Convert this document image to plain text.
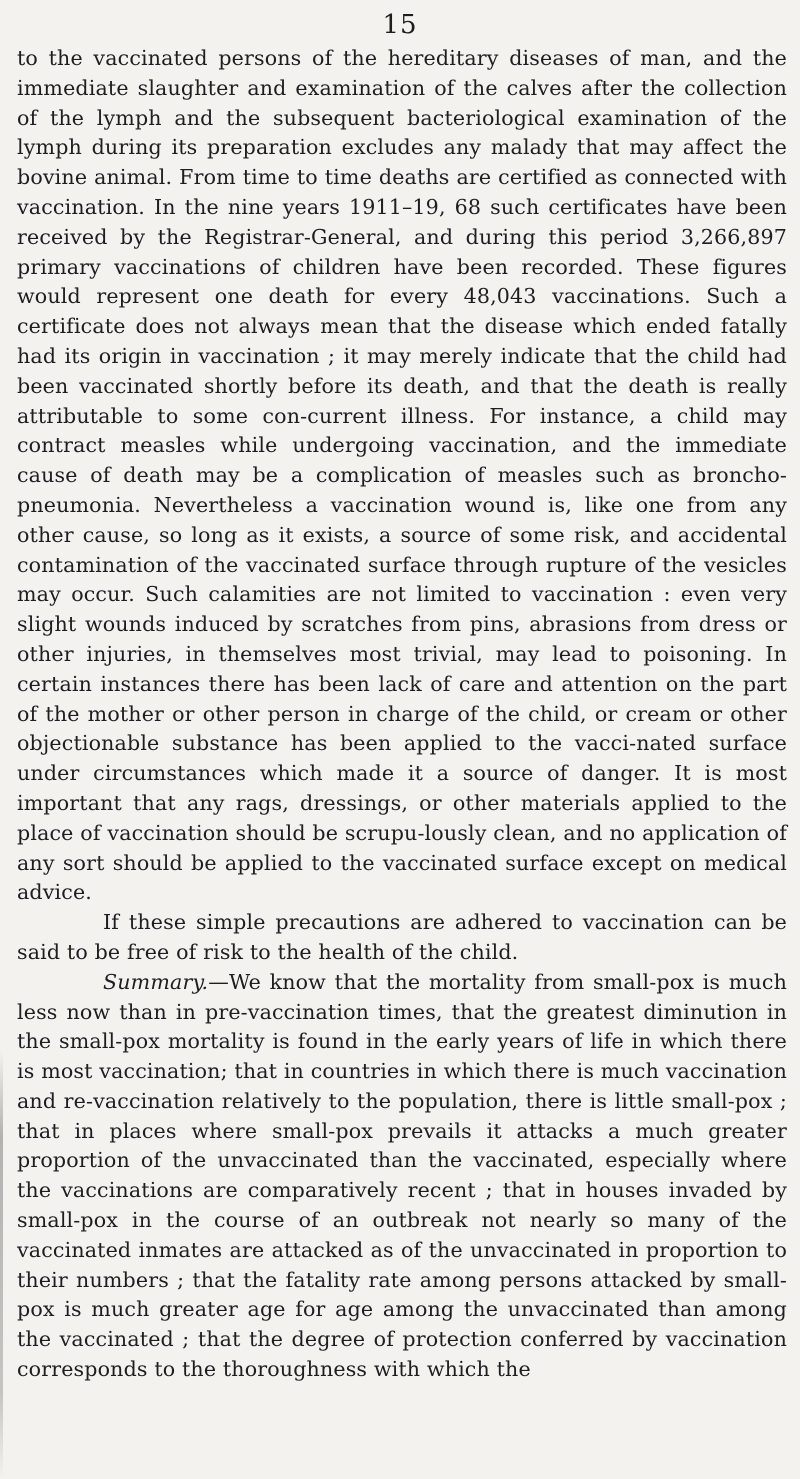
15

to the vaccinated persons of the hereditary diseases of man, and the immediate slaughter and examination of the calves after the collection of the lymph and the subsequent bacteriological examination of the lymph during its preparation excludes any malady that may affect the bovine animal. From time to time deaths are certified as connected with vaccination. In the nine years 1911–19, 68 such certificates have been received by the Registrar-General, and during this period 3,266,897 primary vaccinations of children have been recorded. These figures would represent one death for every 48,043 vaccinations. Such a certificate does not always mean that the disease which ended fatally had its origin in vaccination ; it may merely indicate that the child had been vaccinated shortly before its death, and that the death is really attributable to some con-current illness. For instance, a child may contract measles while undergoing vaccination, and the immediate cause of death may be a complication of measles such as broncho-pneumonia. Nevertheless a vaccination wound is, like one from any other cause, so long as it exists, a source of some risk, and accidental contamination of the vaccinated surface through rupture of the vesicles may occur. Such calamities are not limited to vaccination : even very slight wounds induced by scratches from pins, abrasions from dress or other injuries, in themselves most trivial, may lead to poisoning. In certain instances there has been lack of care and attention on the part of the mother or other person in charge of the child, or cream or other objectionable substance has been applied to the vacci-nated surface under circumstances which made it a source of danger. It is most important that any rags, dressings, or other materials applied to the place of vaccination should be scrupu-lously clean, and no application of any sort should be applied to the vaccinated surface except on medical advice.

If these simple precautions are adhered to vaccination can be said to be free of risk to the health of the child.

Summary.—We know that the mortality from small-pox is much less now than in pre-vaccination times, that the greatest diminution in the small-pox mortality is found in the early years of life in which there is most vaccination; that in countries in which there is much vaccination and re-vaccination relatively to the population, there is little small-pox ; that in places where small-pox prevails it attacks a much greater proportion of the unvaccinated than the vaccinated, especially where the vaccinations are comparatively recent ; that in houses invaded by small-pox in the course of an outbreak not nearly so many of the vaccinated inmates are attacked as of the unvaccinated in proportion to their numbers ; that the fatality rate among persons attacked by small-pox is much greater age for age among the unvaccinated than among the vaccinated ; that the degree of protection conferred by vaccination corresponds to the thoroughness with which the
